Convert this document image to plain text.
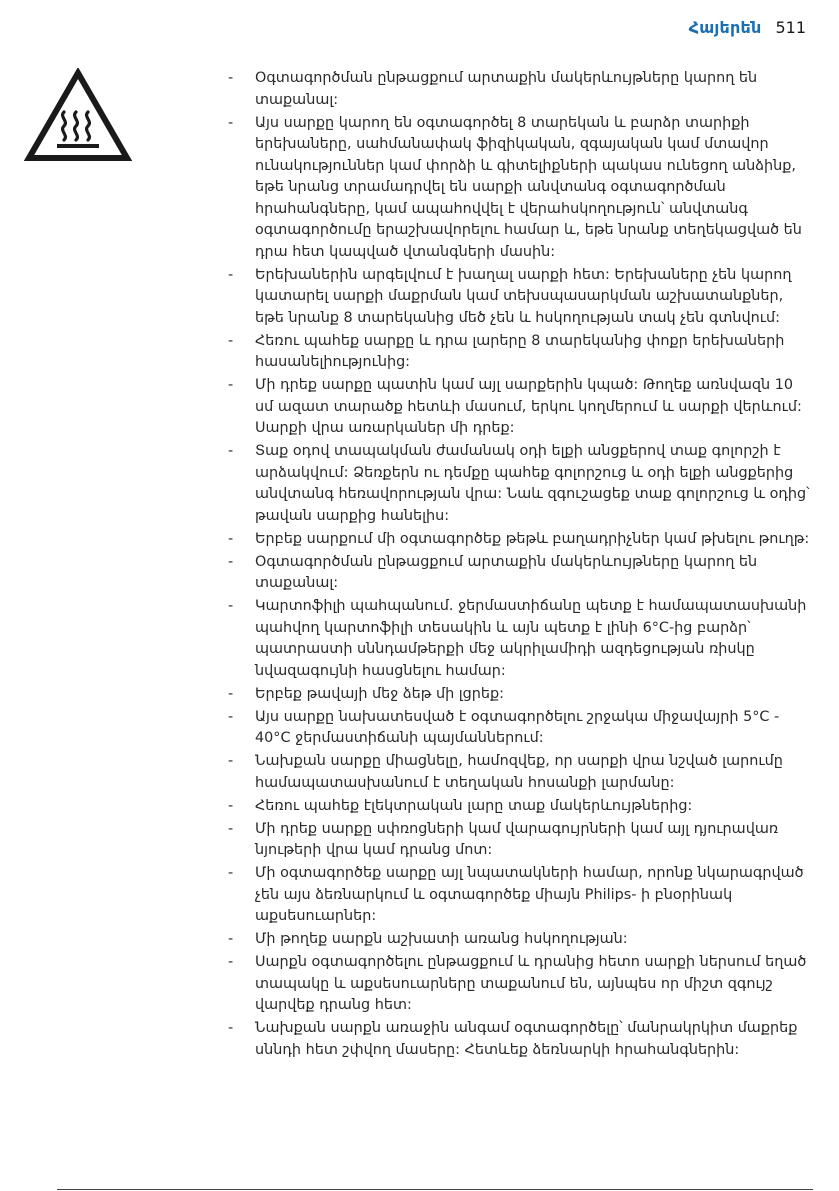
Հայերեն 511
- Օգտագործման ընթացքում արտաքին մակերևույթները կարող են տաքանալ:
- Այս սարքը կարող են օգտագործել 8 տարեկան և բարձր տարիքի երեխաները, սահմանափակ ֆիզիկական, զգայական կամ մտավոր ունակություններ կամ փորձի և գիտելիքների պակաս ունեցող անձինք, եթե նրանց տրամադրվել են սարքի անվտանգ օգտագործման հրահանգները, կամ ապահովվել է վերահսկողություն՝ անվտանգ օգտագործումը երաշխավորելու համար և, եթե նրանք տեղեկացված են դրա հետ կապված վտանգների մասին:
- Երեխաներին արգելվում է խաղալ սարքի հետ: Երեխաները չեն կարող կատարել սարքի մաքրման կամ տեխսպասարկման աշխատանքներ, եթե նրանք 8 տարեկանից մեծ չեն և հսկողության տակ չեն գտնվում:
- Հեռու պահեք սարքը և դրա լարերը 8 տարեկանից փոքր երեխաների հասանելիությունից:
- Մի դրեք սարքը պատին կամ այլ սարքերին կպած: Թողեք առնվազն 10 սմ ազատ տարածք հետևի մասում, երկու կողմերում և սարքի վերևում: Սարքի վրա առարկաներ մի դրեք:
- Տաք օդով տապակման ժամանակ օդի ելքի անցքերով տաք գոլորշի է արձակվում: Ձեռքերն ու դեմքը պահեք գոլորշուց և օդի ելքի անցքերից անվտանգ հեռավորության վրա: Նաև զգուշացեք տաք գոլորշուց և օդից՝ թավան սարքից հանելիս:
- Երբեք սարքում մի օգտագործեք թեթև բաղադրիչներ կամ թխելու թուղթ:
- Օգտագործման ընթացքում արտաքին մակերևույթները կարող են տաքանալ:
- Կարտոֆիլի պահպանում. ջերմաստիճանը պետք է համապատասխանի պահվող կարտոֆիլի տեսակին և այն պետք է լինի 6°C-ից բարձր՝ պատրաստի սննդամթերքի մեջ ակրիլամիդի ազդեցության ռիսկը նվազագույնի հասցնելու համար:
- Երբեք թավայի մեջ ձեթ մի լցրեք:
- Այս սարքը նախատեսված է օգտագործելու շրջակա միջավայրի 5°C - 40°C ջերմաստիճանի պայմաններում:
- Նախքան սարքը միացնելը, համոզվեք, որ սարքի վրա նշված լարումը համապատասխանում է տեղական հոսանքի լարմանը:
- Հեռու պահեք էլեկտրական լարը տաք մակերևույթներից:
- Մի դրեք սարքը սփռոցների կամ վարագույրների կամ այլ դյուրավառ նյութերի վրա կամ դրանց մոտ:
- Մի օգտագործեք սարքը այլ նպատակների համար, որոնք նկարագրված չեն այս ձեռնարկում և օգտագործեք միայն Philips- ի բնօրինակ աքսեսուարներ:
- Մի թողեք սարքն աշխատի առանց հսկողության:
- Սարքն օգտագործելու ընթացքում և դրանից հետո սարքի ներսում եղած տապակը և աքսեսուարները տաքանում են, այնպես որ միշտ զգույշ վարվեք դրանց հետ:
- Նախքան սարքն առաջին անգամ օգտագործելը՝ մանրակրկիտ մաքրեք սննդի հետ շփվող մասերը: Հետևեք ձեռնարկի հրահանգներին:
